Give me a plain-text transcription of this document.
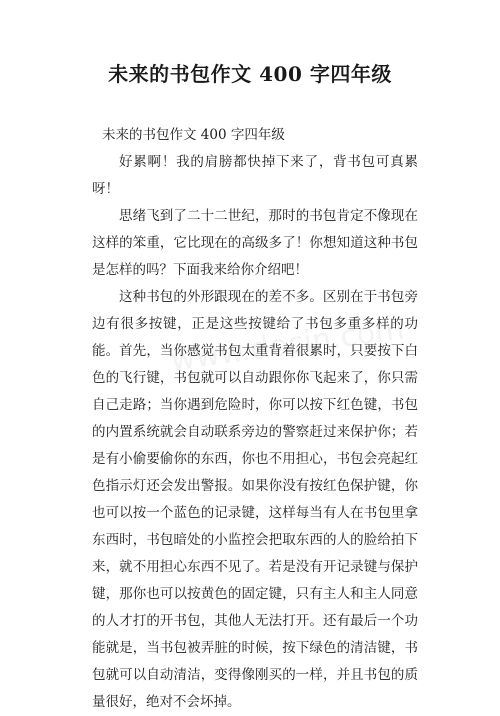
未来的书包作文 400 字四年级

未来的书包作文 400 字四年级

好累啊！我的肩膀都快掉下来了，背书包可真累呀！

思绪飞到了二十二世纪，那时的书包肯定不像现在这样的笨重，它比现在的高级多了！你想知道这种书包是怎样的吗？下面我来给你介绍吧！

这种书包的外形跟现在的差不多。区别在于书包旁边有很多按键，正是这些按键给了书包多重多样的功能。首先，当你感觉书包太重背着很累时，只要按下白色的飞行键，书包就可以自动跟你你飞起来了，你只需自己走路；当你遇到危险时，你可以按下红色键，书包的内置系统就会自动联系旁边的警察赶过来保护你；若是有小偷要偷你的东西，你也不用担心，书包会亮起红色指示灯还会发出警报。如果你没有按红色保护键，你也可以按一个蓝色的记录键，这样每当有人在书包里拿东西时，书包暗处的小监控会把取东西的人的脸给拍下来，就不用担心东西不见了。若是没有开记录键与保护键，那你也可以按黄色的固定键，只有主人和主人同意的人才打的开书包，其他人无法打开。还有最后一个功能就是，当书包被弄脏的时候，按下绿色的清洁键，书包就可以自动清洁，变得像刚买的一样，并且书包的质量很好，绝对不会坏掉。
